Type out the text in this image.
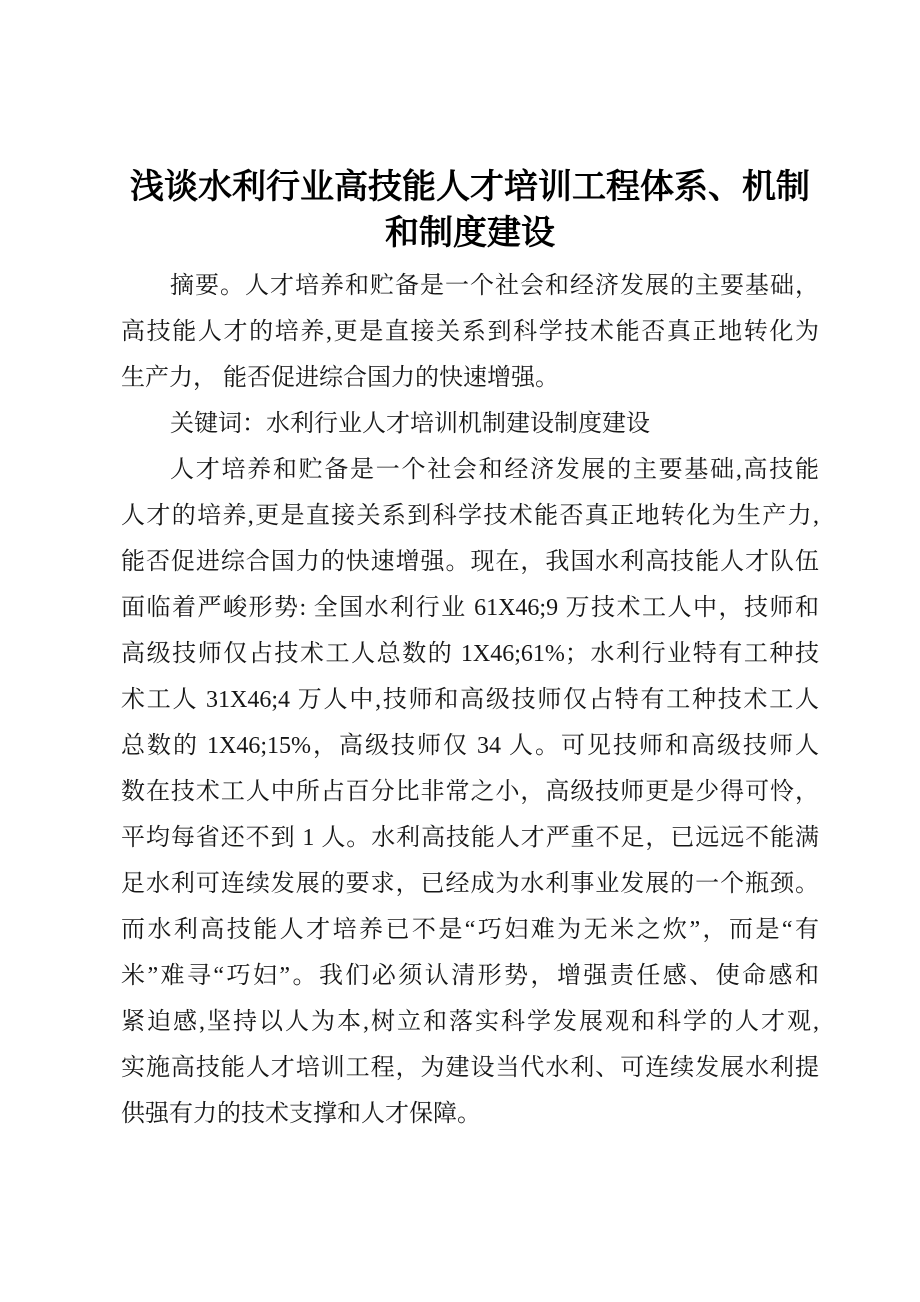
浅谈水利行业高技能人才培训工程体系、机制
和制度建设
摘要。人才培养和贮备是一个社会和经济发展的主要基础，
高技能人才的培养,更是直接关系到科学技术能否真正地转化为
生产力， 能否促进综合国力的快速增强。
关键词：水利行业人才培训机制建设制度建设
人才培养和贮备是一个社会和经济发展的主要基础,高技能
人才的培养,更是直接关系到科学技术能否真正地转化为生产力,
能否促进综合国力的快速增强。现在，我国水利高技能人才队伍
面临着严峻形势: 全国水利行业 61X46;9 万技术工人中，技师和
高级技师仅占技术工人总数的 1X46;61%；水利行业特有工种技
术工人 31X46;4 万人中,技师和高级技师仅占特有工种技术工人
总数的 1X46;15%，高级技师仅 34 人。可见技师和高级技师人
数在技术工人中所占百分比非常之小，高级技师更是少得可怜，
平均每省还不到 1 人。水利高技能人才严重不足，已远远不能满
足水利可连续发展的要求，已经成为水利事业发展的一个瓶颈。
而水利高技能人才培养已不是“巧妇难为无米之炊”，而是“有
米”难寻“巧妇”。我们必须认清形势，增强责任感、使命感和
紧迫感,坚持以人为本,树立和落实科学发展观和科学的人才观,
实施高技能人才培训工程，为建设当代水利、可连续发展水利提
供强有力的技术支撑和人才保障。
